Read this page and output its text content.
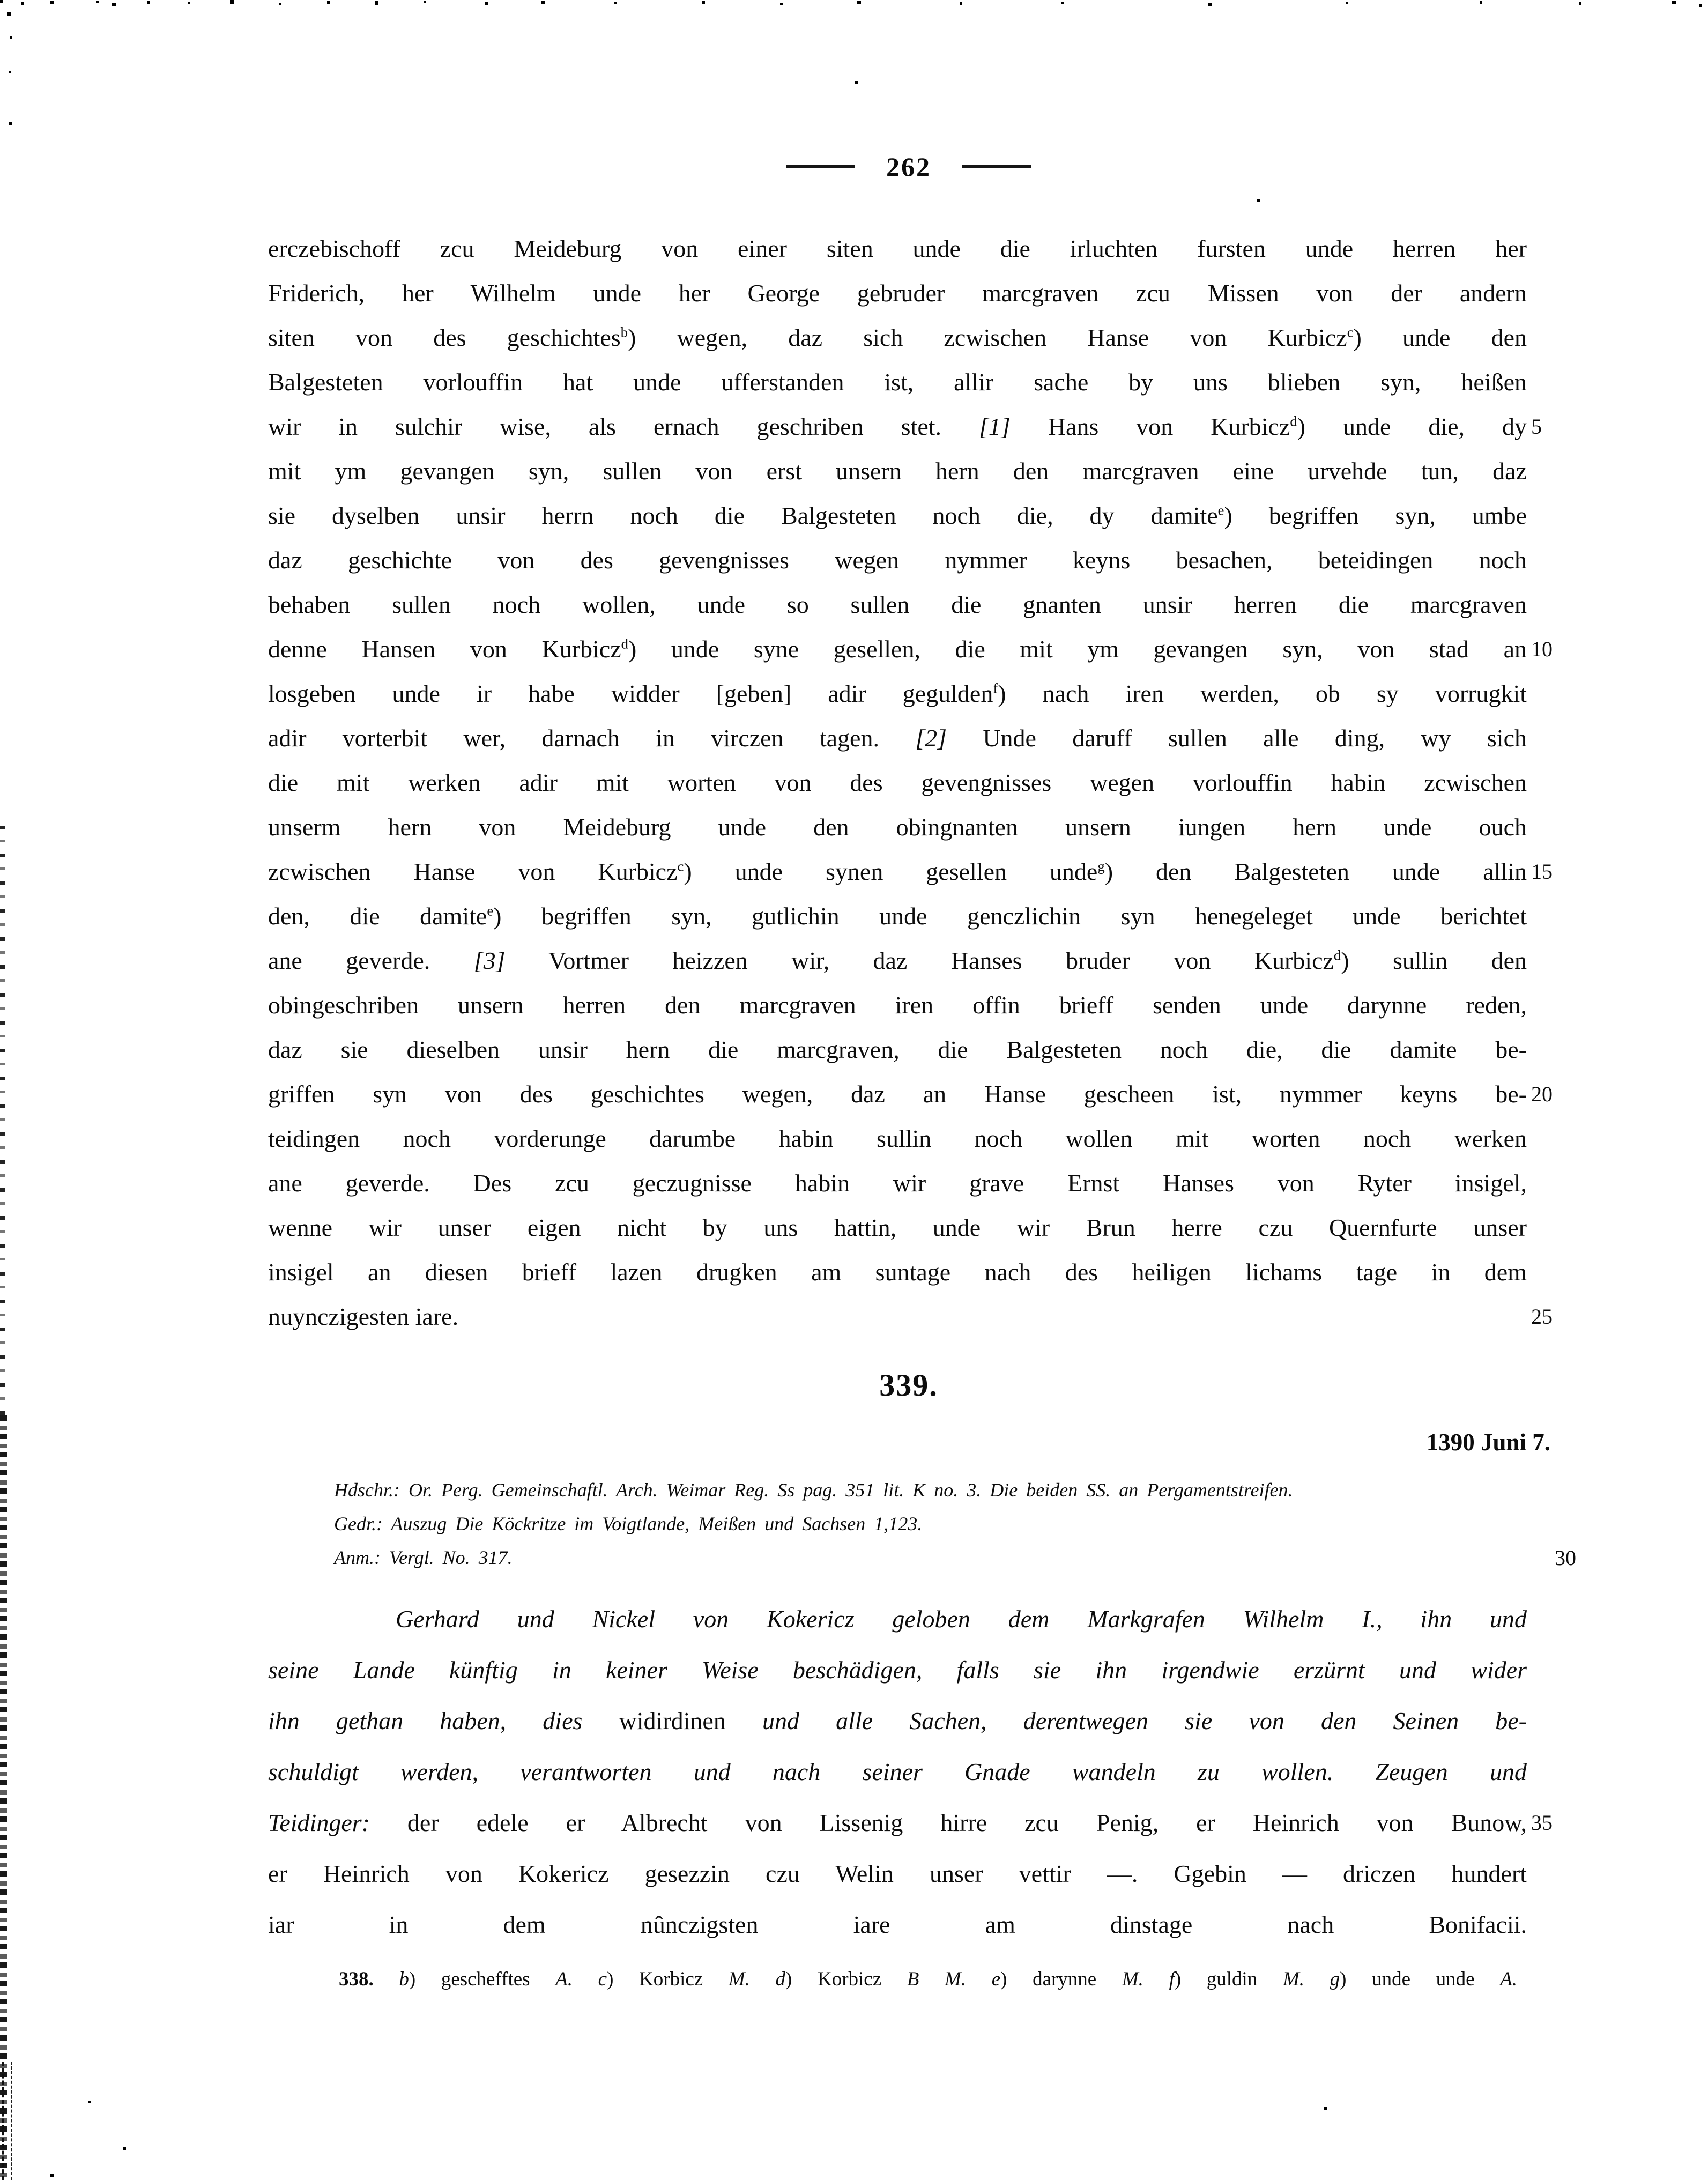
262
erczebischoff zcu Meideburg von einer siten unde die irluchten fursten unde herren her
Friderich, her Wilhelm unde her George gebruder marcgraven zcu Missen von der andern
siten von des geschichtes$^b$) wegen, daz sich zcwischen Hanse von Kurbicz$^c$) unde den
Balgesteten vorlouffin hat unde ufferstanden ist, allir sache by uns blieben syn, heißen
wir in sulchir wise, als ernach geschriben stet. [1] Hans von Kurbicz$^d$) unde die, dy 5
mit ym gevangen syn, sullen von erst unsern hern den marcgraven eine urvehde tun, daz
sie dyselben unsir herrn noch die Balgesteten noch die, dy damite$^e$) begriffen syn, umbe
daz geschichte von des gevengnisses wegen nymmer keyns besachen, beteidingen noch
behaben sullen noch wollen, unde so sullen die gnanten unsir herren die marcgraven
denne Hansen von Kurbicz$^d$) unde syne gesellen, die mit ym gevangen syn, von stad an 10
losgeben unde ir habe widder [geben] adir gegulden$^f$) nach iren werden, ob sy vorrugkit
adir vorterbit wer, darnach in virczen tagen. [2] Unde daruff sullen alle ding, wy sich
die mit werken adir mit worten von des gevengnisses wegen vorlouffin habin zcwischen
unserm hern von Meideburg unde den obingnanten unsern iungen hern unde ouch
zcwischen Hanse von Kurbicz$^c$) unde synen gesellen unde$^g$) den Balgesteten unde allin 15
den, die damite$^e$) begriffen syn, gutlichin unde genczlichin syn henegeleget unde berichtet
ane geverde. [3] Vortmer heizzen wir, daz Hanses bruder von Kurbicz$^d$) sullin den
obingeschriben unsern herren den marcgraven iren offin brieff senden unde darynne reden,
daz sie dieselben unsir hern die marcgraven, die Balgesteten noch die, die damite be-
griffen syn von des geschichtes wegen, daz an Hanse gescheen ist, nymmer keyns be- 20
teidingen noch vorderunge darumbe habin sullin noch wollen mit worten noch werken
ane geverde. Des zcu geczugnisse habin wir grave Ernst Hanses von Ryter insigel,
wenne wir unser eigen nicht by uns hattin, unde wir Brun herre czu Quernfurte unser
insigel an diesen brieff lazen drugken am suntage nach des heiligen lichams tage in dem
nuynczigesten iare.	25
339.
1390 Juni 7.
Hdschr.: Or. Perg. Gemeinschaftl. Arch. Weimar Reg. Ss pag. 351 lit. K no. 3. Die beiden SS. an Pergamentstreifen.
Gedr.: Auszug Die Köckritze im Voigtlande, Meißen und Sachsen 1,123.
Anm.: Vergl. No. 317.	30
Gerhard und Nickel von Kokericz geloben dem Markgrafen Wilhelm I., ihn und
seine Lande künftig in keiner Weise beschädigen, falls sie ihn irgendwie erzürnt und wider
ihn gethan haben, dies widirdinen und alle Sachen, derentwegen sie von den Seinen be-
schuldigt werden, verantworten und nach seiner Gnade wandeln zu wollen. Zeugen und
Teidinger: der edele er Albrecht von Lissenig hirre zcu Penig, er Heinrich von Bunow, 35
er Heinrich von Kokericz gesezzin czu Welin unser vettir —. Ggebin — driczen hundert
iar in dem nûnczigsten iare am dinstage nach Bonifacii.
338. b) geschefftes A. c) Korbicz M. d) Korbicz B M. e) darynne M. f) guldin M. g) unde unde A.
